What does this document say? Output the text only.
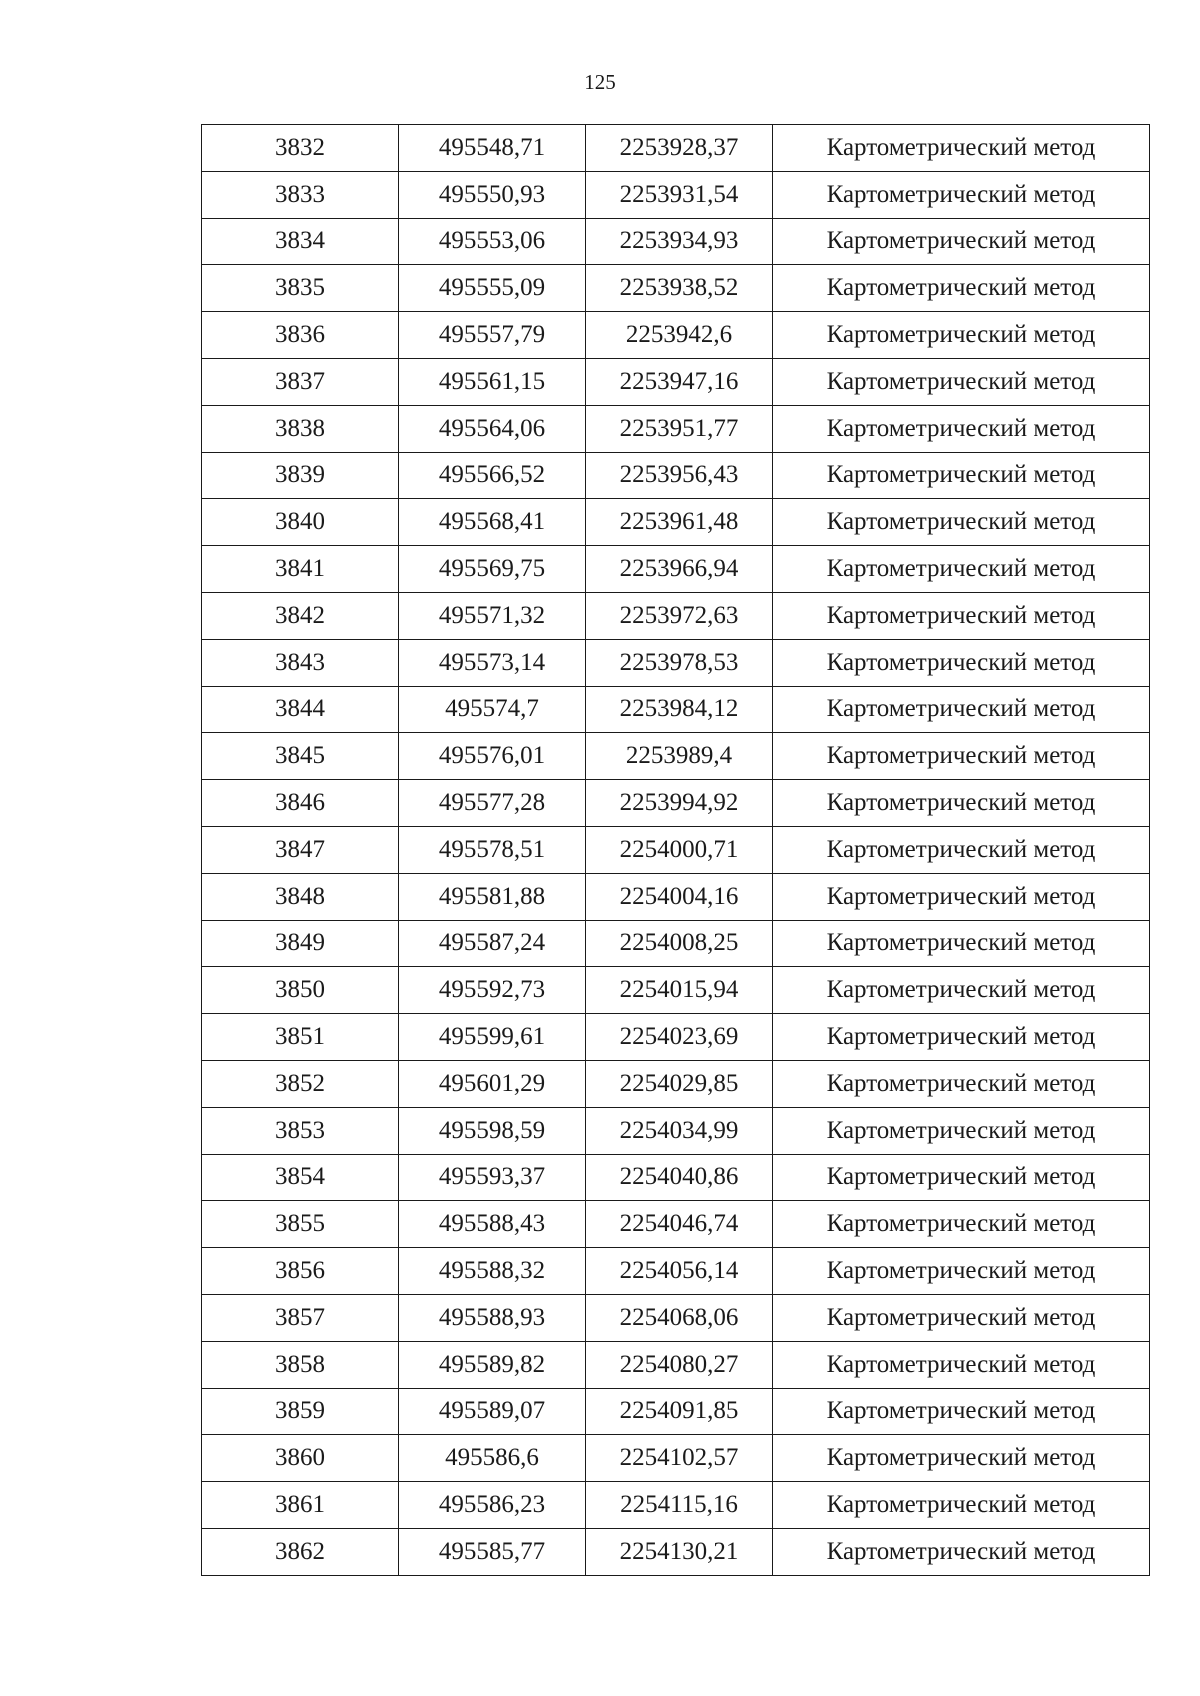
125
3832	495548,71	2253928,37	Картометрический метод
3833	495550,93	2253931,54	Картометрический метод
3834	495553,06	2253934,93	Картометрический метод
3835	495555,09	2253938,52	Картометрический метод
3836	495557,79	2253942,6	Картометрический метод
3837	495561,15	2253947,16	Картометрический метод
3838	495564,06	2253951,77	Картометрический метод
3839	495566,52	2253956,43	Картометрический метод
3840	495568,41	2253961,48	Картометрический метод
3841	495569,75	2253966,94	Картометрический метод
3842	495571,32	2253972,63	Картометрический метод
3843	495573,14	2253978,53	Картометрический метод
3844	495574,7	2253984,12	Картометрический метод
3845	495576,01	2253989,4	Картометрический метод
3846	495577,28	2253994,92	Картометрический метод
3847	495578,51	2254000,71	Картометрический метод
3848	495581,88	2254004,16	Картометрический метод
3849	495587,24	2254008,25	Картометрический метод
3850	495592,73	2254015,94	Картометрический метод
3851	495599,61	2254023,69	Картометрический метод
3852	495601,29	2254029,85	Картометрический метод
3853	495598,59	2254034,99	Картометрический метод
3854	495593,37	2254040,86	Картометрический метод
3855	495588,43	2254046,74	Картометрический метод
3856	495588,32	2254056,14	Картометрический метод
3857	495588,93	2254068,06	Картометрический метод
3858	495589,82	2254080,27	Картометрический метод
3859	495589,07	2254091,85	Картометрический метод
3860	495586,6	2254102,57	Картометрический метод
3861	495586,23	2254115,16	Картометрический метод
3862	495585,77	2254130,21	Картометрический метод
